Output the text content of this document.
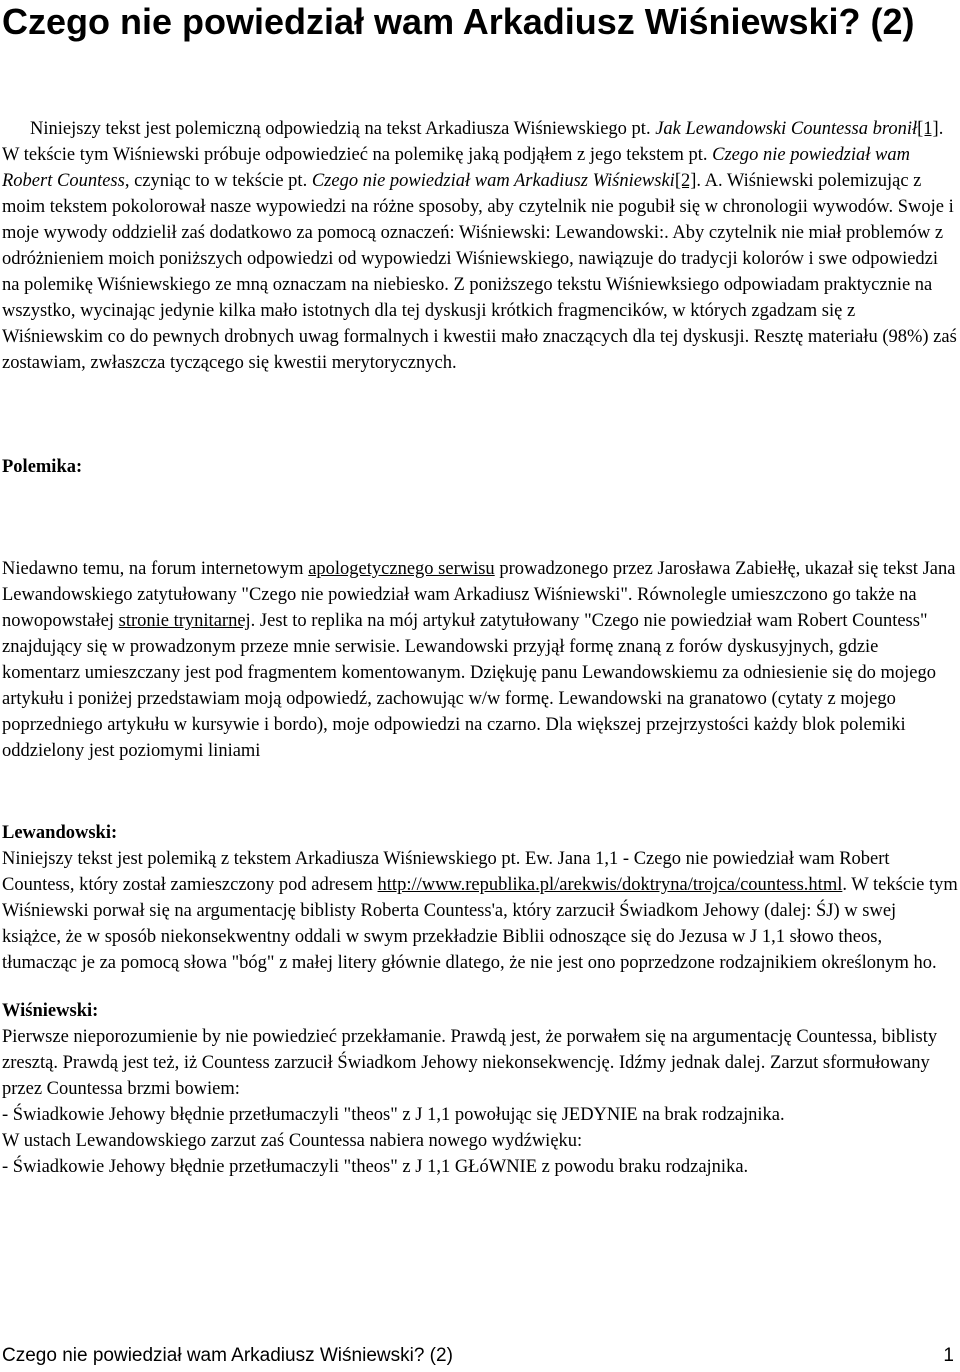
Czego nie powiedział wam Arkadiusz Wiśniewski? (2)

Niniejszy tekst jest polemiczną odpowiedzią na tekst Arkadiusza Wiśniewskiego pt. Jak Lewandowski Countessa bronił[1]. W tekście tym Wiśniewski próbuje odpowiedzieć na polemikę jaką podjąłem z jego tekstem pt. Czego nie powiedział wam Robert Countess, czyniąc to w tekście pt. Czego nie powiedział wam Arkadiusz Wiśniewski[2]. A. Wiśniewski polemizując z moim tekstem pokolorował nasze wypowiedzi na różne sposoby, aby czytelnik nie pogubił się w chronologii wywodów. Swoje i moje wywody oddzielił zaś dodatkowo za pomocą oznaczeń: Wiśniewski: Lewandowski:. Aby czytelnik nie miał problemów z odróżnieniem moich poniższych odpowiedzi od wypowiedzi Wiśniewskiego, nawiązuje do tradycji kolorów i swe odpowiedzi na polemikę Wiśniewskiego ze mną oznaczam na niebiesko. Z poniższego tekstu Wiśniewksiego odpowiadam praktycznie na wszystko, wycinając jedynie kilka mało istotnych dla tej dyskusji krótkich fragmencików, w których zgadzam się z Wiśniewskim co do pewnych drobnych uwag formalnych i kwestii mało znaczących dla tej dyskusji. Resztę materiału (98%) zaś zostawiam, zwłaszcza tyczącego się kwestii merytorycznych.

Polemika:

Niedawno temu, na forum internetowym apologetycznego serwisu prowadzonego przez Jarosława Zabiełłę, ukazał się tekst Jana Lewandowskiego zatytułowany "Czego nie powiedział wam Arkadiusz Wiśniewski". Równolegle umieszczono go także na nowopowstałej stronie trynitarnej. Jest to replika na mój artykuł zatytułowany "Czego nie powiedział wam Robert Countess" znajdujący się w prowadzonym przeze mnie serwisie. Lewandowski przyjął formę znaną z forów dyskusyjnych, gdzie komentarz umieszczany jest pod fragmentem komentowanym. Dziękuję panu Lewandowskiemu za odniesienie się do mojego artykułu i poniżej przedstawiam moją odpowiedź, zachowując w/w formę. Lewandowski na granatowo (cytaty z mojego poprzedniego artykułu w kursywie i bordo), moje odpowiedzi na czarno. Dla większej przejrzystości każdy blok polemiki oddzielony jest poziomymi liniami

Lewandowski:

Niniejszy tekst jest polemiką z tekstem Arkadiusza Wiśniewskiego pt. Ew. Jana 1,1 - Czego nie powiedział wam Robert Countess, który został zamieszczony pod adresem http://www.republika.pl/arekwis/doktryna/trojca/countess.html. W tekście tym Wiśniewski porwał się na argumentację biblisty Roberta Countess'a, który zarzucił Świadkom Jehowy (dalej: ŚJ) w swej książce, że w sposób niekonsekwentny oddali w swym przekładzie Biblii odnoszące się do Jezusa w J 1,1 słowo theos, tłumacząc je za pomocą słowa "bóg" z małej litery głównie dlatego, że nie jest ono poprzedzone rodzajnikiem określonym ho.

Wiśniewski:

Pierwsze nieporozumienie by nie powiedzieć przekłamanie. Prawdą jest, że porwałem się na argumentację Countessa, biblisty zresztą. Prawdą jest też, iż Countess zarzucił Świadkom Jehowy niekonsekwencję. Idźmy jednak dalej. Zarzut sformułowany przez Countessa brzmi bowiem:

- Świadkowie Jehowy błędnie przetłumaczyli "theos" z J 1,1 powołując się JEDYNIE na brak rodzajnika.

W ustach Lewandowskiego zarzut zaś Countessa nabiera nowego wydźwięku:

- Świadkowie Jehowy błędnie przetłumaczyli "theos" z J 1,1 GŁóWNIE z powodu braku rodzajnika.

Czego nie powiedział wam Arkadiusz Wiśniewski? (2)	1
